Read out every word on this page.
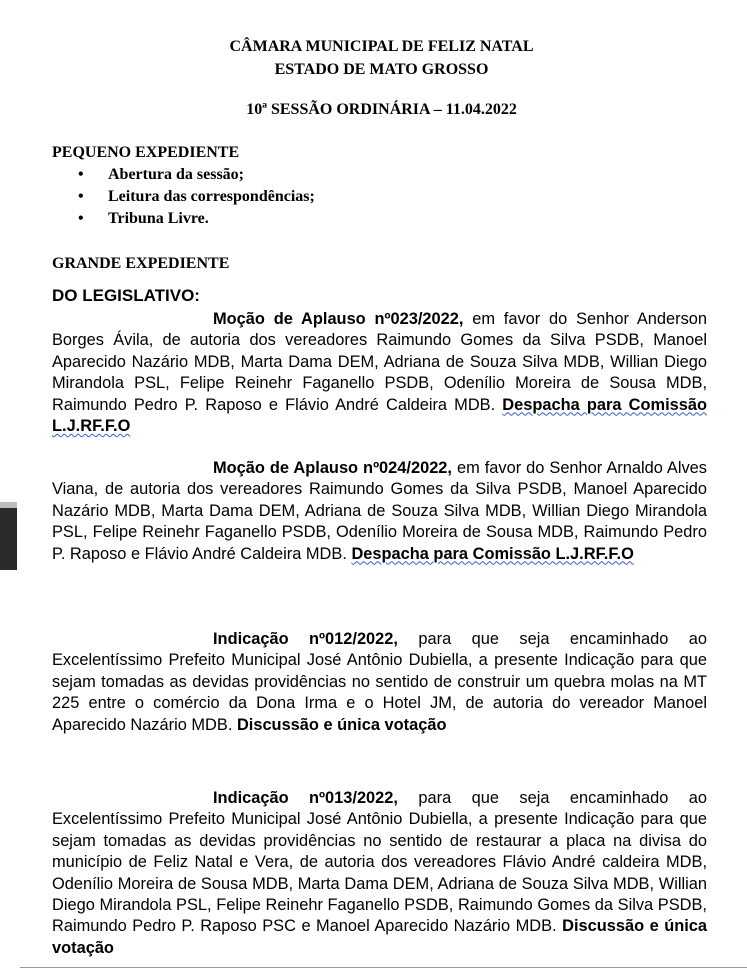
CÂMARA MUNICIPAL DE FELIZ NATAL
ESTADO DE MATO GROSSO
10ª SESSÃO ORDINÁRIA – 11.04.2022
PEQUENO EXPEDIENTE
• Abertura da sessão;
• Leitura das correspondências;
• Tribuna Livre.
GRANDE EXPEDIENTE
DO LEGISLATIVO:

Moção de Aplauso nº023/2022, em favor do Senhor Anderson Borges Ávila, de autoria dos vereadores Raimundo Gomes da Silva PSDB, Manoel Aparecido Nazário MDB, Marta Dama DEM, Adriana de Souza Silva MDB, Willian Diego Mirandola PSL, Felipe Reinehr Faganello PSDB, Odenílio Moreira de Sousa MDB, Raimundo Pedro P. Raposo e Flávio André Caldeira MDB. Despacha para Comissão L.J.RF.F.O

Moção de Aplauso nº024/2022, em favor do Senhor Arnaldo Alves Viana, de autoria dos vereadores Raimundo Gomes da Silva PSDB, Manoel Aparecido Nazário MDB, Marta Dama DEM, Adriana de Souza Silva MDB, Willian Diego Mirandola PSL, Felipe Reinehr Faganello PSDB, Odenílio Moreira de Sousa MDB, Raimundo Pedro P. Raposo e Flávio André Caldeira MDB. Despacha para Comissão L.J.RF.F.O

Indicação nº012/2022, para que seja encaminhado ao Excelentíssimo Prefeito Municipal José Antônio Dubiella, a presente Indicação para que sejam tomadas as devidas providências no sentido de construir um quebra molas na MT 225 entre o comércio da Dona Irma e o Hotel JM, de autoria do vereador Manoel Aparecido Nazário MDB. Discussão e única votação

Indicação nº013/2022, para que seja encaminhado ao Excelentíssimo Prefeito Municipal José Antônio Dubiella, a presente Indicação para que sejam tomadas as devidas providências no sentido de restaurar a placa na divisa do município de Feliz Natal e Vera, de autoria dos vereadores Flávio André caldeira MDB, Odenílio Moreira de Sousa MDB, Marta Dama DEM, Adriana de Souza Silva MDB, Willian Diego Mirandola PSL, Felipe Reinehr Faganello PSDB, Raimundo Gomes da Silva PSDB, Raimundo Pedro P. Raposo PSC e Manoel Aparecido Nazário MDB. Discussão e única votação
